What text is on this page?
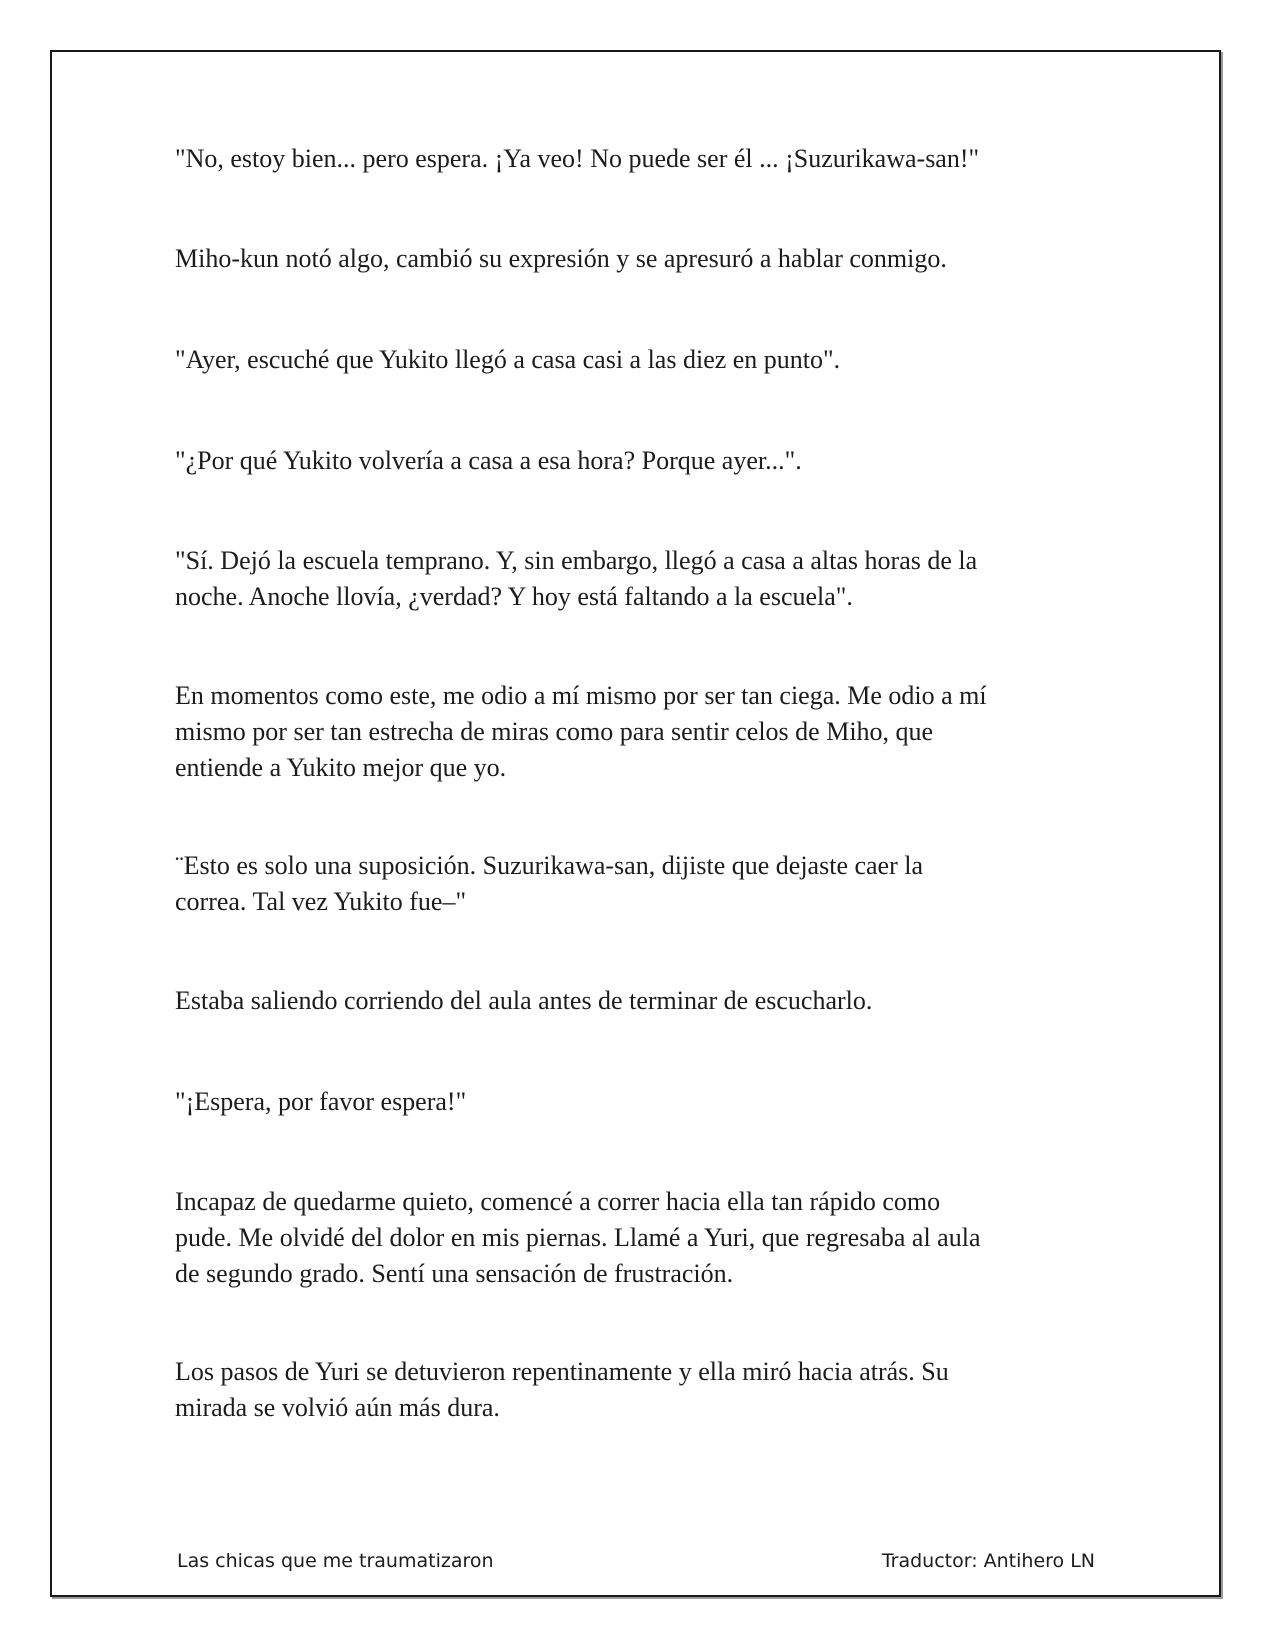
"No, estoy bien... pero espera. ¡Ya veo! No puede ser él ... ¡Suzurikawa-san!"

Miho-kun notó algo, cambió su expresión y se apresuró a hablar conmigo.

"Ayer, escuché que Yukito llegó a casa casi a las diez en punto".

"¿Por qué Yukito volvería a casa a esa hora? Porque ayer...".

"Sí. Dejó la escuela temprano. Y, sin embargo, llegó a casa a altas horas de la
noche. Anoche llovía, ¿verdad? Y hoy está faltando a la escuela".

En momentos como este, me odio a mí mismo por ser tan ciega. Me odio a mí
mismo por ser tan estrecha de miras como para sentir celos de Miho, que
entiende a Yukito mejor que yo.

¨Esto es solo una suposición. Suzurikawa-san, dijiste que dejaste caer la
correa. Tal vez Yukito fue–"

Estaba saliendo corriendo del aula antes de terminar de escucharlo.

"¡Espera, por favor espera!"

Incapaz de quedarme quieto, comencé a correr hacia ella tan rápido como
pude. Me olvidé del dolor en mis piernas. Llamé a Yuri, que regresaba al aula
de segundo grado. Sentí una sensación de frustración.

Los pasos de Yuri se detuvieron repentinamente y ella miró hacia atrás. Su
mirada se volvió aún más dura.

Las chicas que me traumatizaron	Traductor: Antihero LN
